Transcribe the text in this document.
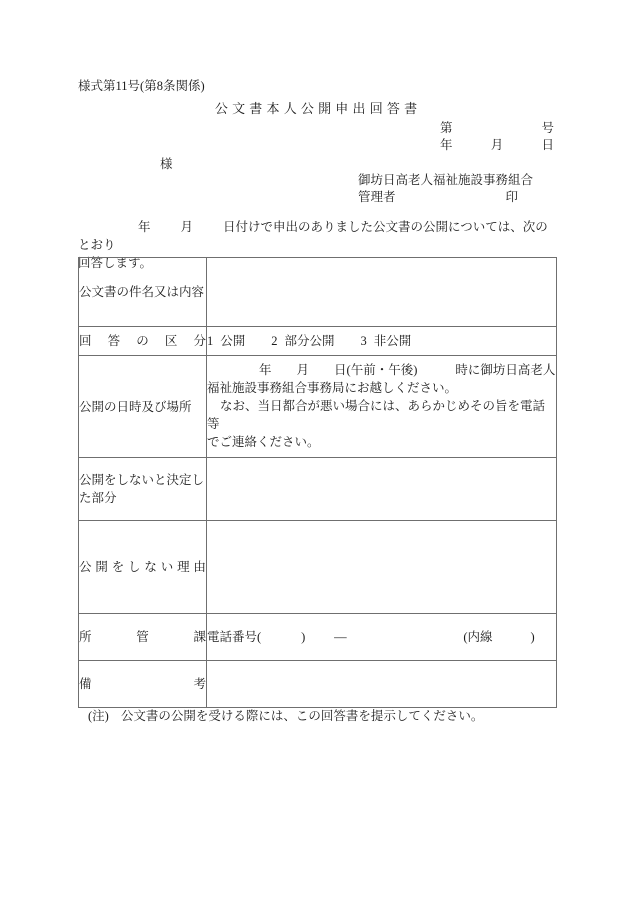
様式第11号(第8条関係)
公文書本人公開申出回答書
第	号
年	月	日
様
御坊日高老人福祉施設事務組合
管理者	印
年 月 日付けで申出のありました公文書の公開については、次のとおり
回答します。
公文書の件名又は内容	

回 答 の 区 分	1 公開 2 部分公開 3 非公開

公開の日時及び場所	年 月 日(午前・午後) 時に御坊日高老人

福祉施設事務組合事務局にお越しください。

なお、当日都合が悪い場合には、あらかじめその旨を電話等

でご連絡ください。

公開をしないと決定した部分	

公 開 を し な い 理 由

所 管 課	電話番号( ) — (内線 )

備 考	

(注) 公文書の公開を受ける際には、この回答書を提示してください。
